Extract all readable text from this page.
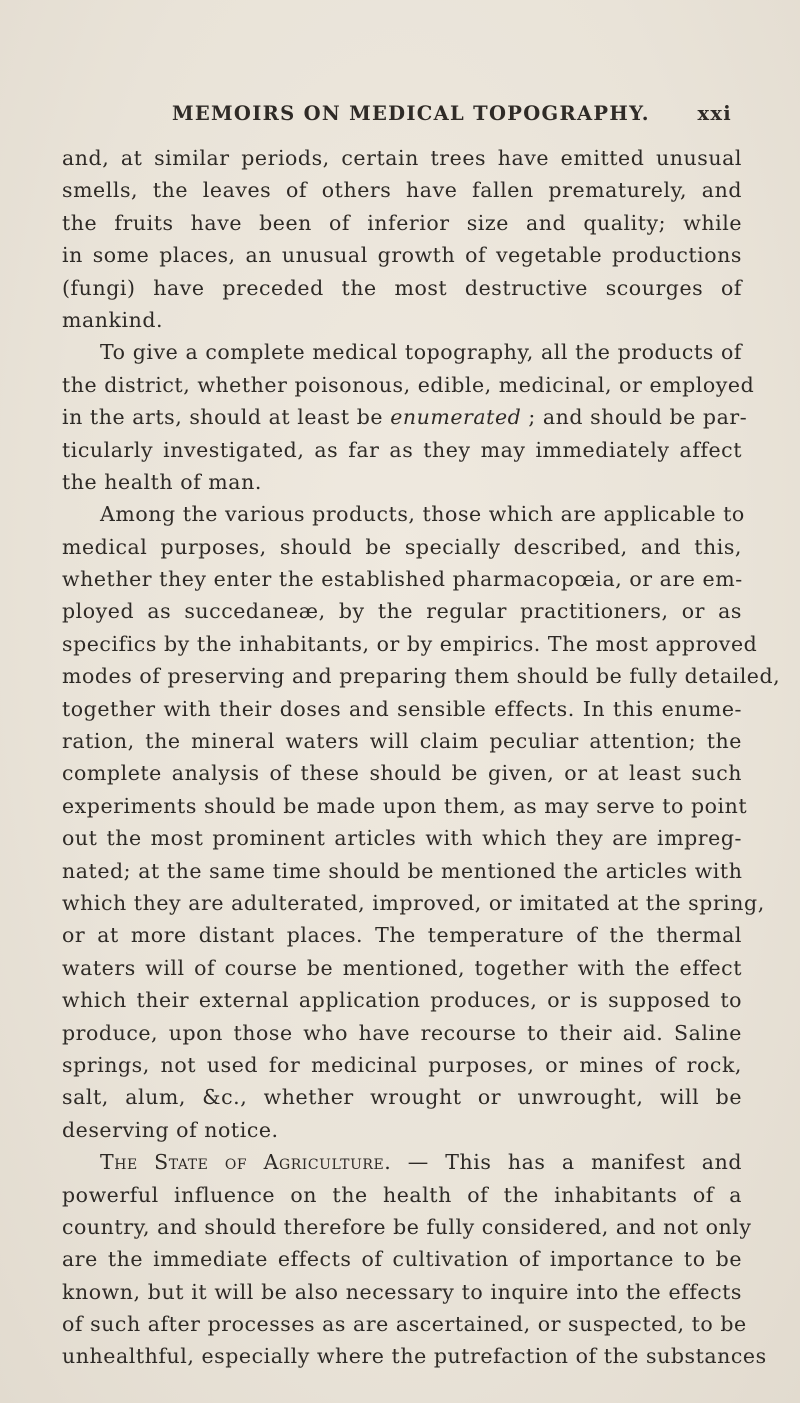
MEMOIRS ON MEDICAL TOPOGRAPHY. xxi
and, at similar periods, certain trees have emitted unusual
smells, the leaves of others have fallen prematurely, and
the fruits have been of inferior size and quality; while
in some places, an unusual growth of vegetable productions
(fungi) have preceded the most destructive scourges of
mankind.
To give a complete medical topography, all the products of
the district, whether poisonous, edible, medicinal, or employed
in the arts, should at least be enumerated ; and should be par-
ticularly investigated, as far as they may immediately affect
the health of man.
Among the various products, those which are applicable to
medical purposes, should be specially described, and this,
whether they enter the established pharmacopœia, or are em-
ployed as succedaneæ, by the regular practitioners, or as
specifics by the inhabitants, or by empirics. The most approved
modes of preserving and preparing them should be fully detailed,
together with their doses and sensible effects. In this enume-
ration, the mineral waters will claim peculiar attention; the
complete analysis of these should be given, or at least such
experiments should be made upon them, as may serve to point
out the most prominent articles with which they are impreg-
nated; at the same time should be mentioned the articles with
which they are adulterated, improved, or imitated at the spring,
or at more distant places. The temperature of the thermal
waters will of course be mentioned, together with the effect
which their external application produces, or is supposed to
produce, upon those who have recourse to their aid. Saline
springs, not used for medicinal purposes, or mines of rock,
salt, alum, &c., whether wrought or unwrought, will be
deserving of notice.
The State of Agriculture. — This has a manifest and
powerful influence on the health of the inhabitants of a
country, and should therefore be fully considered, and not only
are the immediate effects of cultivation of importance to be
known, but it will be also necessary to inquire into the effects
of such after processes as are ascertained, or suspected, to be
unhealthful, especially where the putrefaction of the substances
